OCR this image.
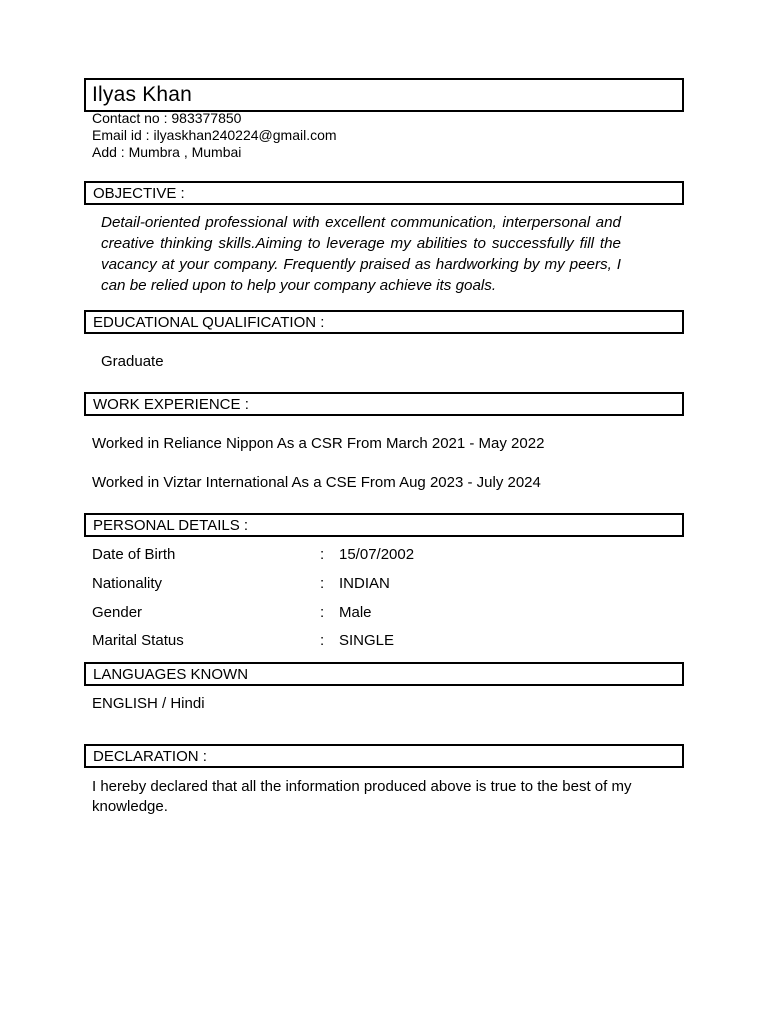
Ilyas Khan
Contact no : 983377850
Email id : ilyaskhan240224@gmail.com
Add : Mumbra , Mumbai
OBJECTIVE :
Detail-oriented professional with excellent communication, interpersonal and creative thinking skills.Aiming to leverage my abilities to successfully fill the vacancy at your company. Frequently praised as hardworking by my peers, I can be relied upon to help your company achieve its goals.
EDUCATIONAL QUALIFICATION :
Graduate
WORK EXPERIENCE :
Worked in Reliance Nippon As a CSR From March 2021 - May 2022
Worked in Viztar International As a CSE From Aug 2023 - July 2024
PERSONAL DETAILS :
Date of Birth	: 15/07/2002
Nationality	: INDIAN
Gender	: Male
Marital Status	: SINGLE
LANGUAGES KNOWN
ENGLISH / Hindi
DECLARATION :
I hereby declared that all the information produced above is true to the best of my knowledge.
